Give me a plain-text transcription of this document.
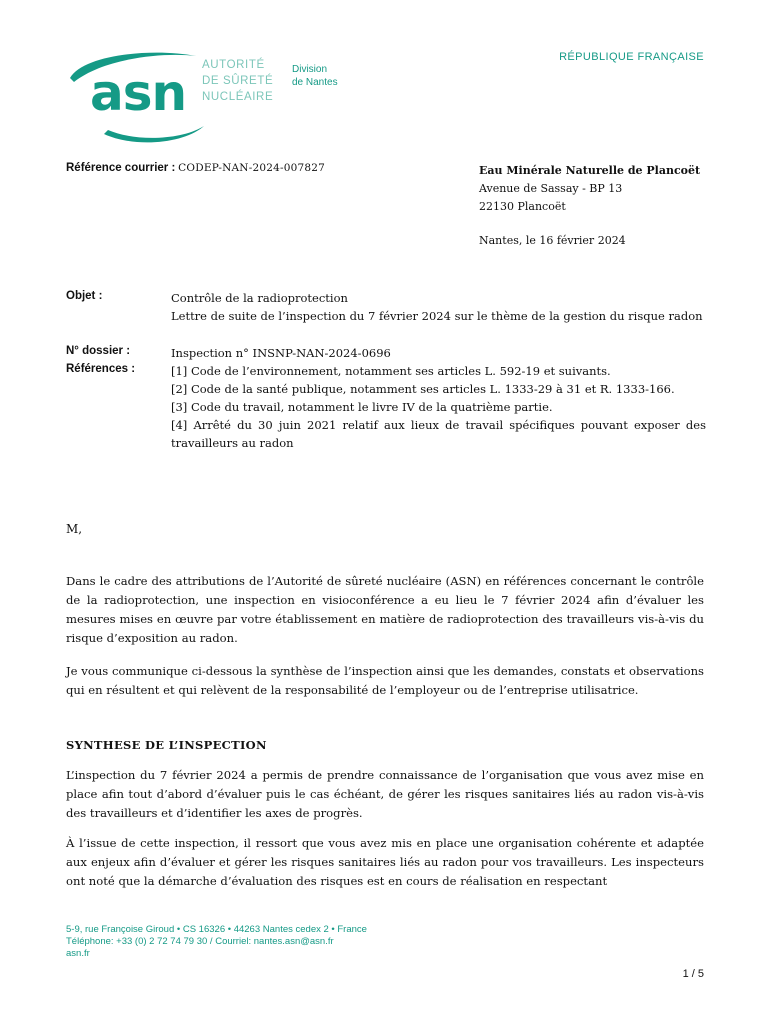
asn AUTORITÉ
DE SÛRETÉ
NUCLÉAIRE
Division
de Nantes
RÉPUBLIQUE FRANÇAISE
Référence courrier : CODEP-NAN-2024-007827	Eau Minérale Naturelle de Plancoët
Avenue de Sassay - BP 13
22130 Plancoët
Nantes, le 16 février 2024
Objet :	Contrôle de la radioprotection
Lettre de suite de l’inspection du 7 février 2024 sur le thème de la gestion du risque radon
N° dossier :	Inspection n° INSNP-NAN-2024-0696
Références :	[1] Code de l’environnement, notamment ses articles L. 592-19 et suivants.
[2] Code de la santé publique, notamment ses articles L. 1333-29 à 31 et R. 1333-166.
[3] Code du travail, notamment le livre IV de la quatrième partie.
[4] Arrêté du 30 juin 2021 relatif aux lieux de travail spécifiques pouvant exposer des travailleurs au radon
M,

Dans le cadre des attributions de l’Autorité de sûreté nucléaire (ASN) en références concernant le contrôle de la radioprotection, une inspection en visioconférence a eu lieu le 7 février 2024 afin d’évaluer les mesures mises en œuvre par votre établissement en matière de radioprotection des travailleurs vis-à-vis du risque d’exposition au radon.

Je vous communique ci-dessous la synthèse de l’inspection ainsi que les demandes, constats et observations qui en résultent et qui relèvent de la responsabilité de l’employeur ou de l’entreprise utilisatrice.

SYNTHESE DE L’INSPECTION

L’inspection du 7 février 2024 a permis de prendre connaissance de l’organisation que vous avez mise en place afin tout d’abord d’évaluer puis le cas échéant, de gérer les risques sanitaires liés au radon vis-à-vis des travailleurs et d’identifier les axes de progrès.

À l’issue de cette inspection, il ressort que vous avez mis en place une organisation cohérente et adaptée aux enjeux afin d’évaluer et gérer les risques sanitaires liés au radon pour vos travailleurs. Les inspecteurs ont noté que la démarche d’évaluation des risques est en cours de réalisation en respectant

5-9, rue Françoise Giroud • CS 16326 • 44263 Nantes cedex 2 • France
Téléphone: +33 (0) 2 72 74 79 30 / Courriel: nantes.asn@asn.fr
asn.fr
1 / 5
